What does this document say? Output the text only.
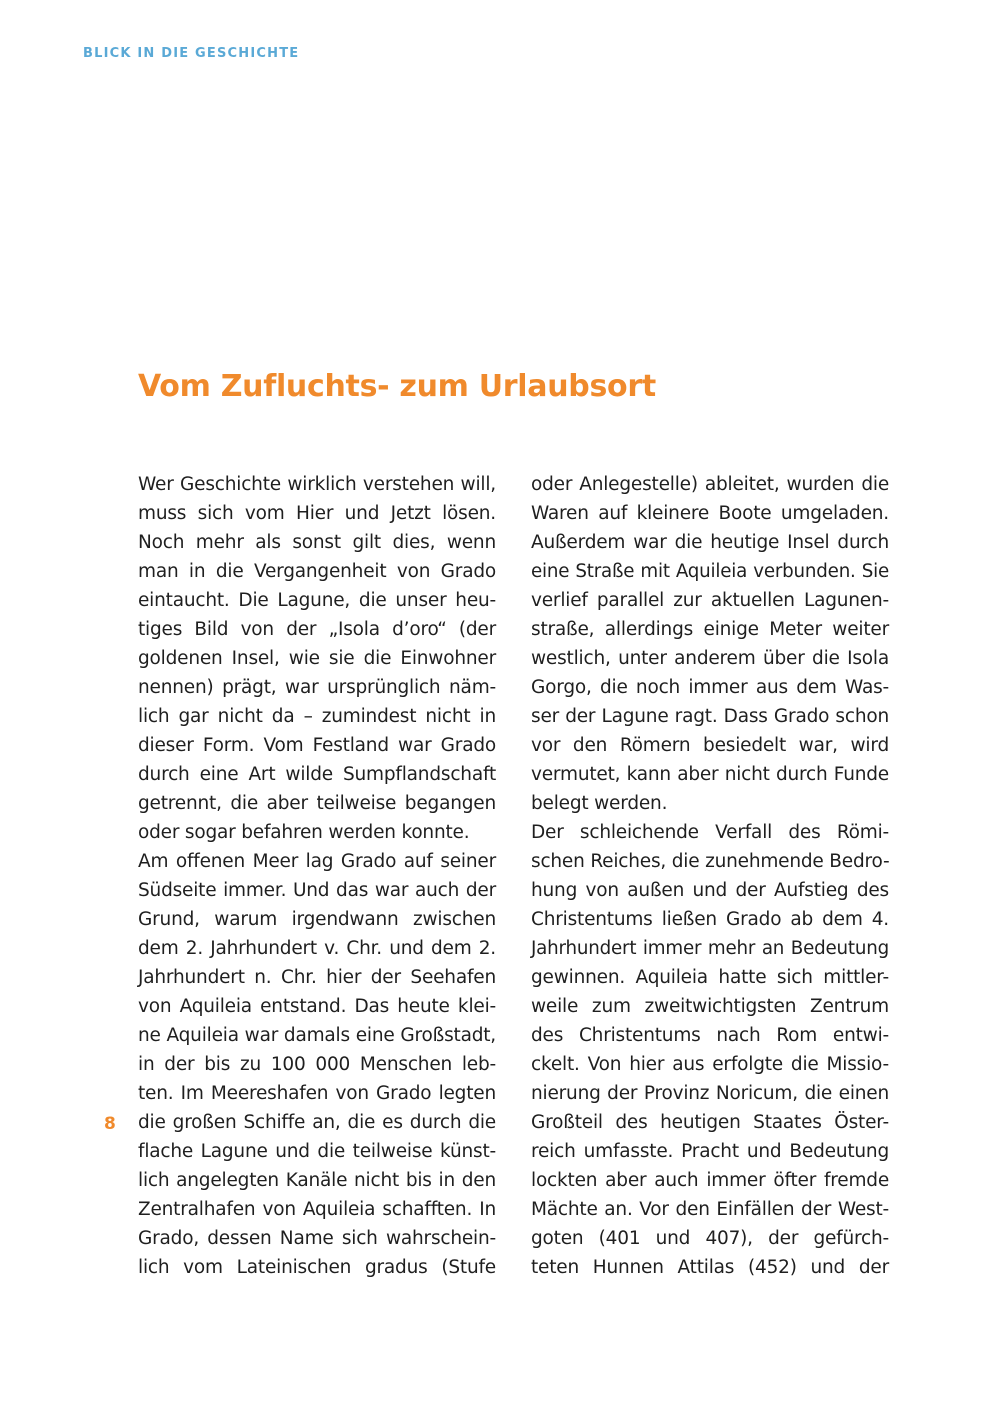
BLICK IN DIE GESCHICHTE
Vom Zufluchts- zum Urlaubsort
Wer Geschichte wirklich verstehen will,
muss sich vom Hier und Jetzt lösen.
Noch mehr als sonst gilt dies, wenn
man in die Vergangenheit von Grado
eintaucht. Die Lagune, die unser heu-
tiges Bild von der „Isola d’oro“ (der
goldenen Insel, wie sie die Einwohner
nennen) prägt, war ursprünglich näm-
lich gar nicht da – zumindest nicht in
dieser Form. Vom Festland war Grado
durch eine Art wilde Sumpflandschaft
getrennt, die aber teilweise begangen
oder sogar befahren werden konnte.
Am offenen Meer lag Grado auf seiner
Südseite immer. Und das war auch der
Grund, warum irgendwann zwischen
dem 2. Jahrhundert v. Chr. und dem 2.
Jahrhundert n. Chr. hier der Seehafen
von Aquileia entstand. Das heute klei-
ne Aquileia war damals eine Großstadt,
in der bis zu 100 000 Menschen leb-
ten. Im Meereshafen von Grado legten
die großen Schiffe an, die es durch die
flache Lagune und die teilweise künst-
lich angelegten Kanäle nicht bis in den
Zentralhafen von Aquileia schafften. In
Grado, dessen Name sich wahrschein-
lich vom Lateinischen gradus (Stufe
oder Anlegestelle) ableitet, wurden die
Waren auf kleinere Boote umgeladen.
Außerdem war die heutige Insel durch
eine Straße mit Aquileia verbunden. Sie
verlief parallel zur aktuellen Lagunen-
straße, allerdings einige Meter weiter
westlich, unter anderem über die Isola
Gorgo, die noch immer aus dem Was-
ser der Lagune ragt. Dass Grado schon
vor den Römern besiedelt war, wird
vermutet, kann aber nicht durch Funde
belegt werden.
Der schleichende Verfall des Römi-
schen Reiches, die zunehmende Bedro-
hung von außen und der Aufstieg des
Christentums ließen Grado ab dem 4.
Jahrhundert immer mehr an Bedeutung
gewinnen. Aquileia hatte sich mittler-
weile zum zweitwichtigsten Zentrum
des Christentums nach Rom entwi-
ckelt. Von hier aus erfolgte die Missio-
nierung der Provinz Noricum, die einen
Großteil des heutigen Staates Öster-
reich umfasste. Pracht und Bedeutung
lockten aber auch immer öfter fremde
Mächte an. Vor den Einfällen der West-
goten (401 und 407), der gefürch-
teten Hunnen Attilas (452) und der
8
